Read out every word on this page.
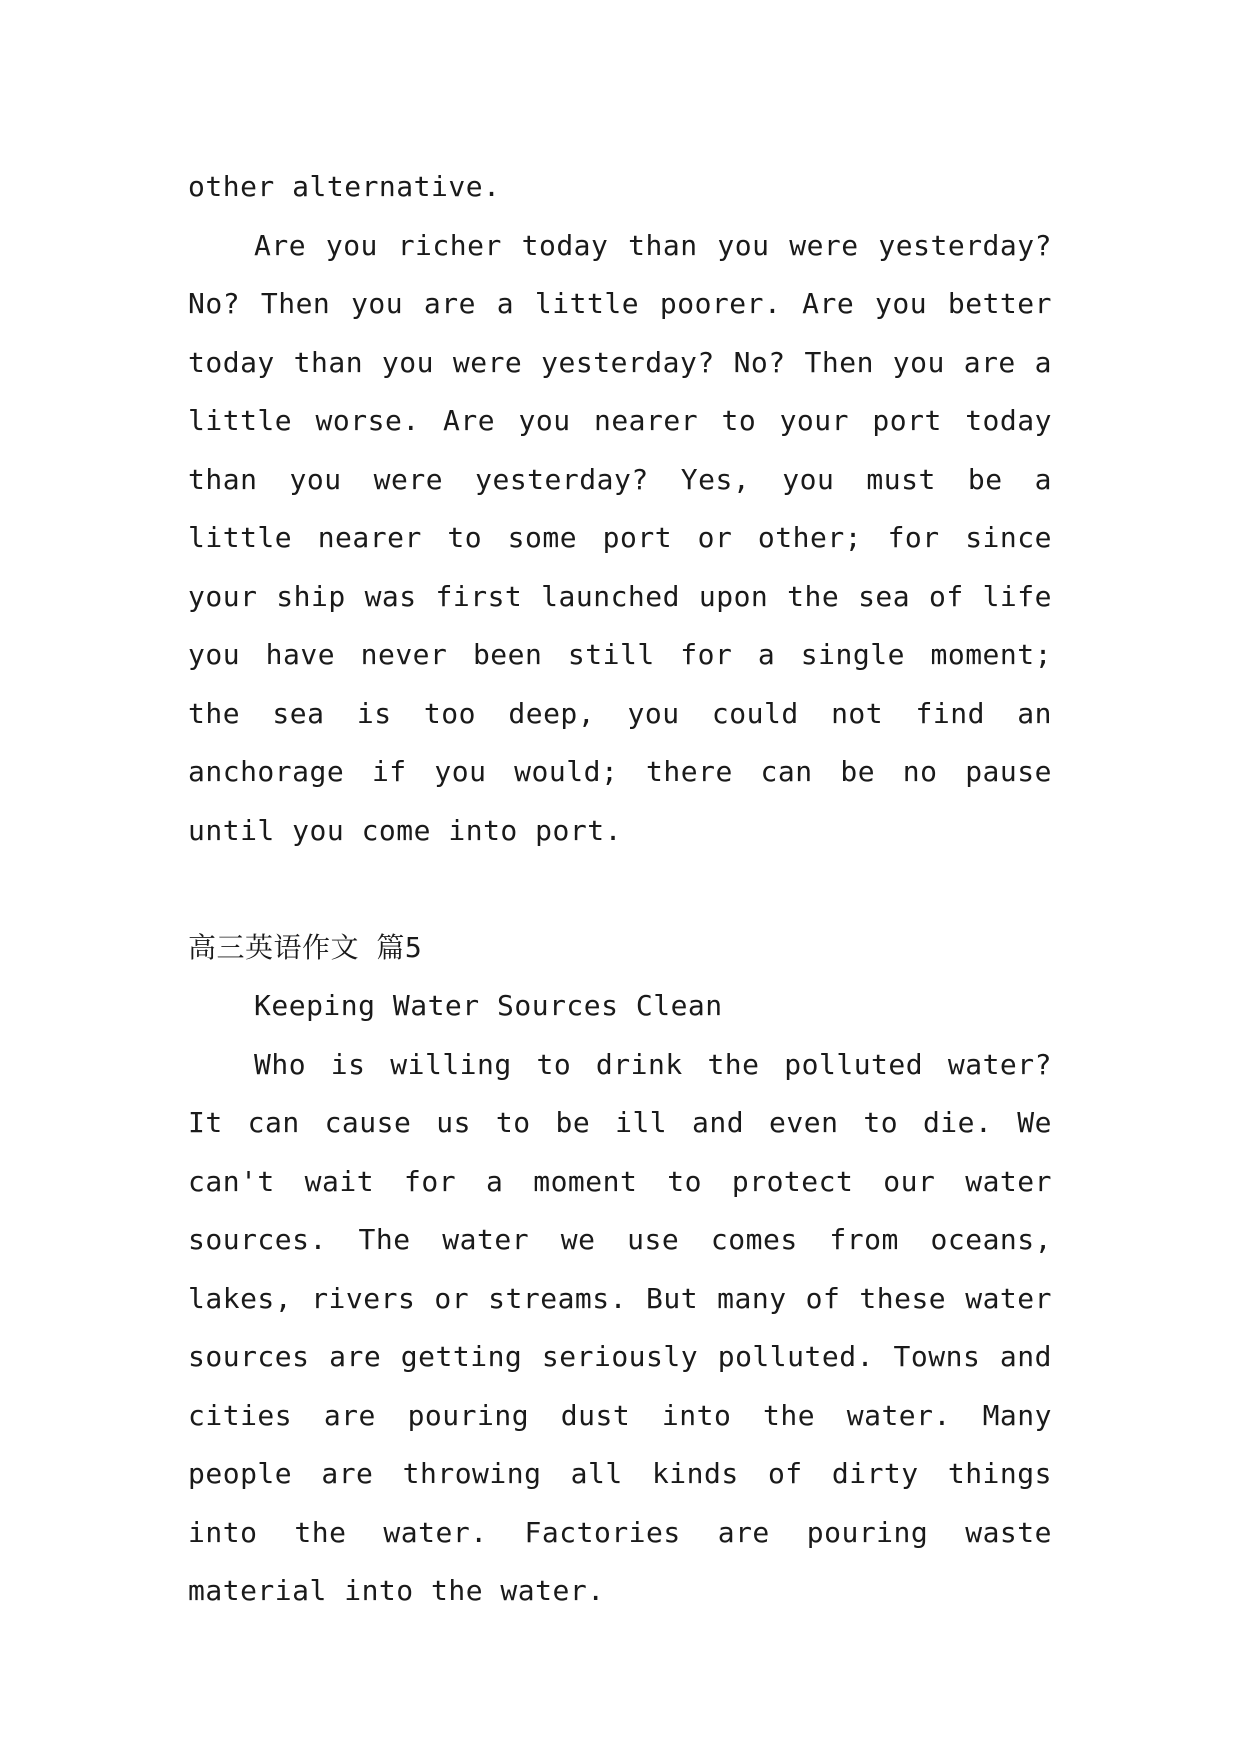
other alternative.

Are you richer today than you were yesterday? No? Then you are a little poorer. Are you better today than you were yesterday? No? Then you are a little worse. Are you nearer to your port today than you were yesterday? Yes, you must be a little nearer to some port or other; for since your ship was first launched upon the sea of life you have never been still for a single moment; the sea is too deep, you could not find an anchorage if you would; there can be no pause until you come into port.

高三英语作文 篇5

Keeping Water Sources Clean

Who is willing to drink the polluted water? It can cause us to be ill and even to die. We can't wait for a moment to protect our water sources. The water we use comes from oceans, lakes, rivers or streams. But many of these water sources are getting seriously polluted. Towns and cities are pouring dust into the water. Many people are throwing all kinds of dirty things into the water. Factories are pouring waste material into the water.
